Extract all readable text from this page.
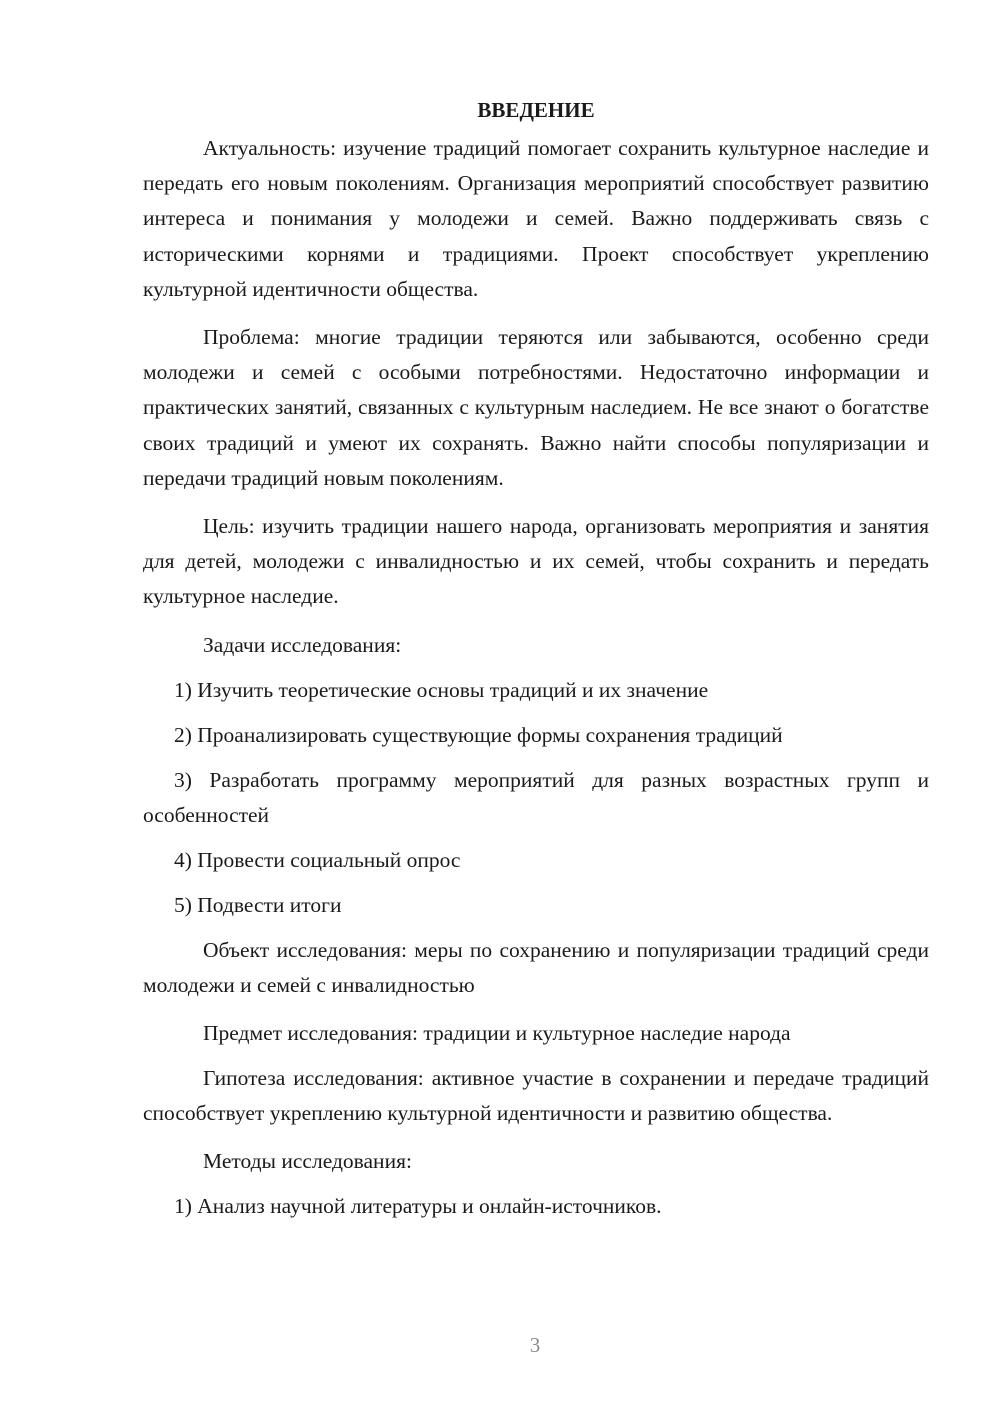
ВВЕДЕНИЕ

Актуальность: изучение традиций помогает сохранить культурное наследие и передать его новым поколениям. Организация мероприятий способствует развитию интереса и понимания у молодежи и семей. Важно поддерживать связь с историческими корнями и традициями. Проект способствует укреплению культурной идентичности общества.

Проблема: многие традиции теряются или забываются, особенно среди молодежи и семей с особыми потребностями. Недостаточно информации и практических занятий, связанных с культурным наследием. Не все знают о богатстве своих традиций и умеют их сохранять. Важно найти способы популяризации и передачи традиций новым поколениям.

Цель: изучить традиции нашего народа, организовать мероприятия и занятия для детей, молодежи с инвалидностью и их семей, чтобы сохранить и передать культурное наследие.

Задачи исследования:

1) Изучить теоретические основы традиций и их значение

2) Проанализировать существующие формы сохранения традиций

3) Разработать программу мероприятий для разных возрастных групп и особенностей

4) Провести социальный опрос

5) Подвести итоги

Объект исследования: меры по сохранению и популяризации традиций среди молодежи и семей с инвалидностью

Предмет исследования: традиции и культурное наследие народа

Гипотеза исследования: активное участие в сохранении и передаче традиций способствует укреплению культурной идентичности и развитию общества.

Методы исследования:

1) Анализ научной литературы и онлайн-источников.

3
